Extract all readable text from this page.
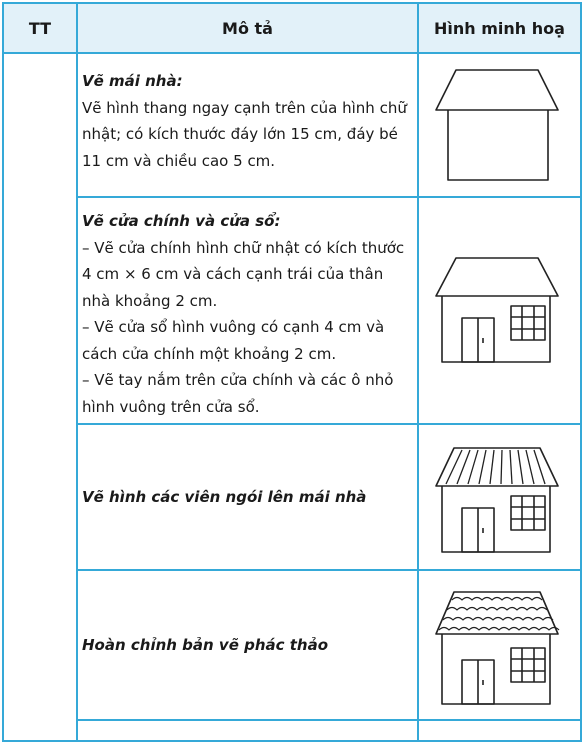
TT	Mô tả	Hình minh hoạ

Vẽ mái nhà:

Vẽ hình thang ngay cạnh trên của hình chữ nhật; có kích thước đáy lớn 15 cm, đáy bé 11 cm và chiều cao 5 cm.

Vẽ cửa chính và cửa sổ:

– Vẽ cửa chính hình chữ nhật có kích thước 4 cm × 6 cm và cách cạnh trái của thân nhà khoảng 2 cm.

– Vẽ cửa sổ hình vuông có cạnh 4 cm và cách cửa chính một khoảng 2 cm.

– Vẽ tay nắm trên cửa chính và các ô nhỏ hình vuông trên cửa sổ.

Vẽ hình các viên ngói lên mái nhà

Hoàn chỉnh bản vẽ phác thảo
